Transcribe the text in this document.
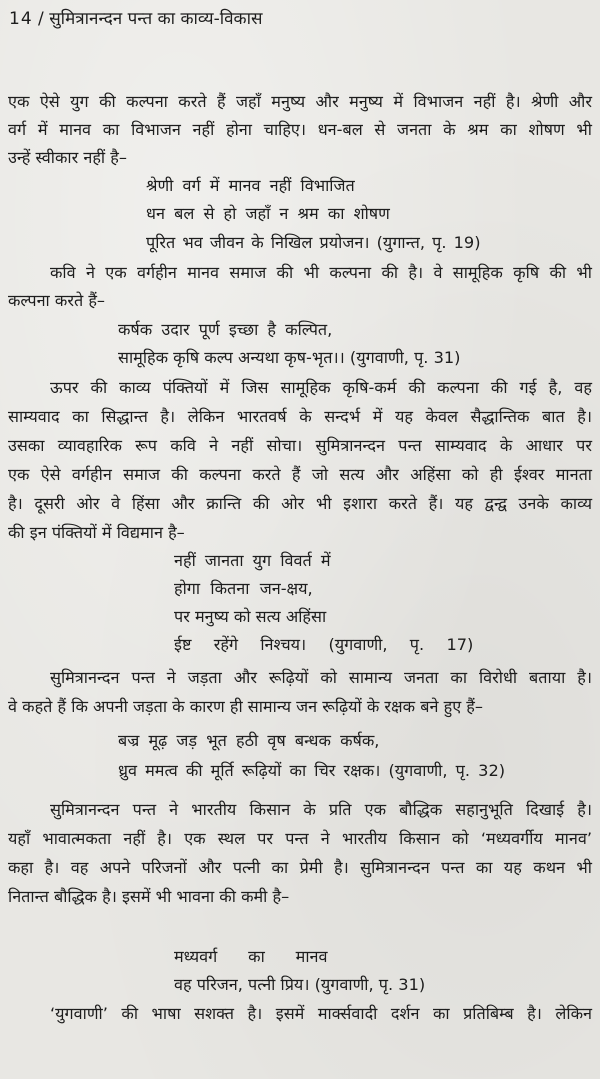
14 / सुमित्रानन्दन पन्त का काव्य-विकास
एक ऐसे युग की कल्पना करते हैं जहाँ मनुष्य और मनुष्य में विभाजन नहीं है। श्रेणी और
वर्ग में मानव का विभाजन नहीं होना चाहिए। धन-बल से जनता के श्रम का शोषण भी
उन्हें स्वीकार नहीं है–
श्रेणी वर्ग में मानव नहीं विभाजित
धन बल से हो जहाँ न श्रम का शोषण
पूरित भव जीवन के निखिल प्रयोजन। (युगान्त, पृ. 19)
कवि ने एक वर्गहीन मानव समाज की भी कल्पना की है। वे सामूहिक कृषि की भी
कल्पना करते हैं–
कर्षक उदार पूर्ण इच्छा है कल्पित,
सामूहिक कृषि कल्प अन्यथा कृष-भृत।। (युगवाणी, पृ. 31)
ऊपर की काव्य पंक्तियों में जिस सामूहिक कृषि-कर्म की कल्पना की गई है, वह
साम्यवाद का सिद्धान्त है। लेकिन भारतवर्ष के सन्दर्भ में यह केवल सैद्धान्तिक बात है।
उसका व्यावहारिक रूप कवि ने नहीं सोचा। सुमित्रानन्दन पन्त साम्यवाद के आधार पर
एक ऐसे वर्गहीन समाज की कल्पना करते हैं जो सत्य और अहिंसा को ही ईश्वर मानता
है। दूसरी ओर वे हिंसा और क्रान्ति की ओर भी इशारा करते हैं। यह द्वन्द्व उनके काव्य
की इन पंक्तियों में विद्यमान है–
नहीं जानता युग विवर्त में
होगा  कितना  जन-क्षय,
पर मनुष्य को सत्य अहिंसा
ईष्ट  रहेंगे  निश्चय।  (युगवाणी,  पृ.  17)
सुमित्रानन्दन पन्त ने जड़ता और रूढ़ियों को सामान्य जनता का विरोधी बताया है।
वे कहते हैं कि अपनी जड़ता के कारण ही सामान्य जन रूढ़ियों के रक्षक बने हुए हैं–
बज्र मूढ़ जड़ भूत हठी वृष बन्धक कर्षक,
ध्रुव ममत्व की मूर्ति रूढ़ियों का चिर रक्षक। (युगवाणी, पृ. 32)
सुमित्रानन्दन पन्त ने भारतीय किसान के प्रति एक बौद्धिक सहानुभूति दिखाई है।
यहाँ भावात्मकता नहीं है। एक स्थल पर पन्त ने भारतीय किसान को ‘मध्यवर्गीय मानव’
कहा है। वह अपने परिजनों और पत्नी का प्रेमी है। सुमित्रानन्दन पन्त का यह कथन भी
नितान्त बौद्धिक है। इसमें भी भावना की कमी है–
मध्यवर्ग      का      मानव
वह परिजन, पत्नी प्रिय। (युगवाणी, पृ. 31)
‘युगवाणी’ की भाषा सशक्त है। इसमें मार्क्सवादी दर्शन का प्रतिबिम्ब है। लेकिन
